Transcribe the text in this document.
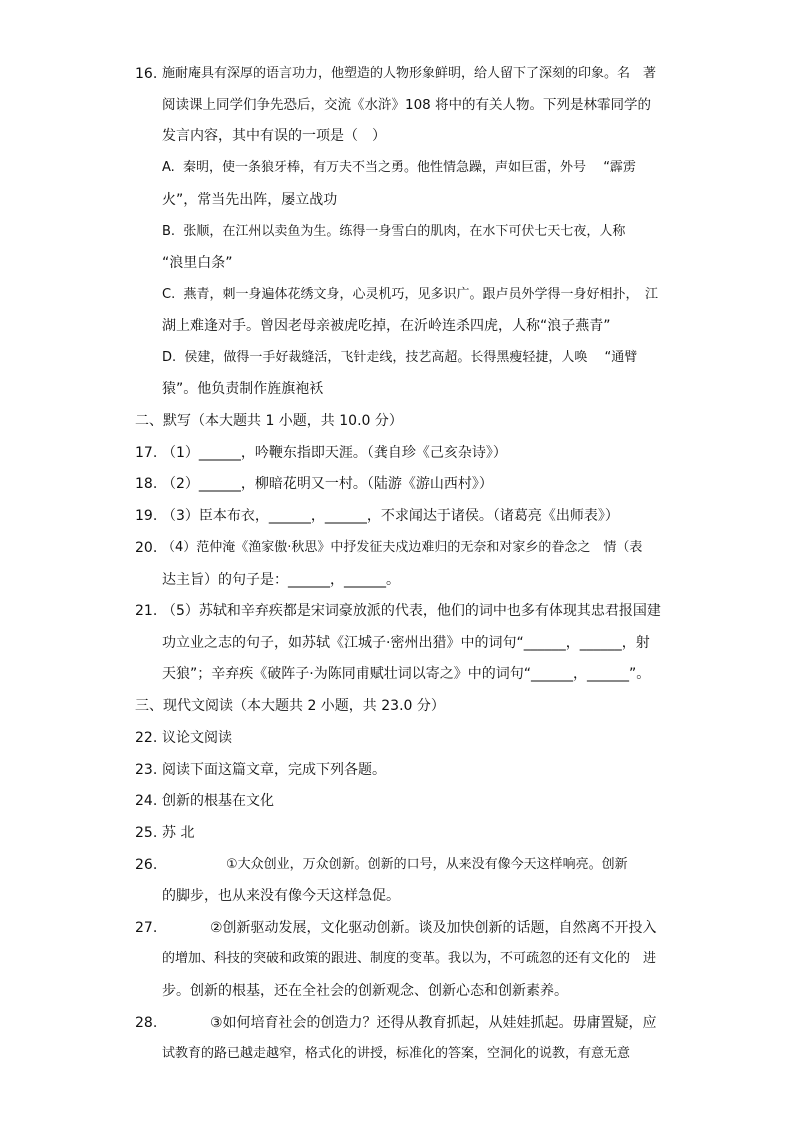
16. 施耐庵具有深厚的语言功力，他塑造的人物形象鲜明，给人留下了深刻的印象。名　著
阅读课上同学们争先恐后，交流《水浒》108 将中的有关人物。下列是林霏同学的
发言内容，其中有误的一项是（　）
A.  秦明，使一条狼牙棒，有万夫不当之勇。他性情急躁，声如巨雷，外号　 “霹雳
火”，常当先出阵，屡立战功
B.  张顺，在江州以卖鱼为生。练得一身雪白的肌肉，在水下可伏七天七夜，人称
“浪里白条”
C.  燕青，刺一身遍体花绣文身，心灵机巧，见多识广。跟卢员外学得一身好相扑，　江
湖上难逢对手。曾因老母亲被虎吃掉，在沂岭连杀四虎，人称“浪子燕青”
D.  侯建，做得一手好裁缝活，飞针走线，技艺高超。长得黑瘦轻捷，人唤　 “通臂
猿”。他负责制作旌旗袍袄
二、默写（本大题共 1 小题，共 10.0 分）
17. （1）______，吟鞭东指即天涯。（龚自珍《己亥杂诗》）
18. （2）______，柳暗花明又一村。（陆游《游山西村》）
19. （3）臣本布衣，______，______，不求闻达于诸侯。（诸葛亮《出师表》）
20. （4）范仲淹《渔家傲·秋思》中抒发征夫戍边难归的无奈和对家乡的眷念之　情（表
达主旨）的句子是：______，______。
21. （5）苏轼和辛弃疾都是宋词豪放派的代表，他们的词中也多有体现其忠君报国建
功立业之志的句子，如苏轼《江城子·密州出猎》中的词句“______，______，射
天狼”；辛弃疾《破阵子·为陈同甫赋壮词以寄之》中的词句“______，______”。
三、现代文阅读（本大题共 2 小题，共 23.0 分）
22. 议论文阅读
23. 阅读下面这篇文章，完成下列各题。
24. 创新的根基在文化
25. 苏 北
26.	①大众创业，万众创新。创新的口号，从来没有像今天这样响亮。创新
的脚步，也从来没有像今天这样急促。
27.	②创新驱动发展，文化驱动创新。谈及加快创新的话题，自然离不开投入
的增加、科技的突破和政策的跟进、制度的变革。我以为，不可疏忽的还有文化的　进
步。创新的根基，还在全社会的创新观念、创新心态和创新素养。
28.	③如何培育社会的创造力？还得从教育抓起，从娃娃抓起。毋庸置疑，应
试教育的路已越走越窄，格式化的讲授，标准化的答案，空洞化的说教，有意无意
